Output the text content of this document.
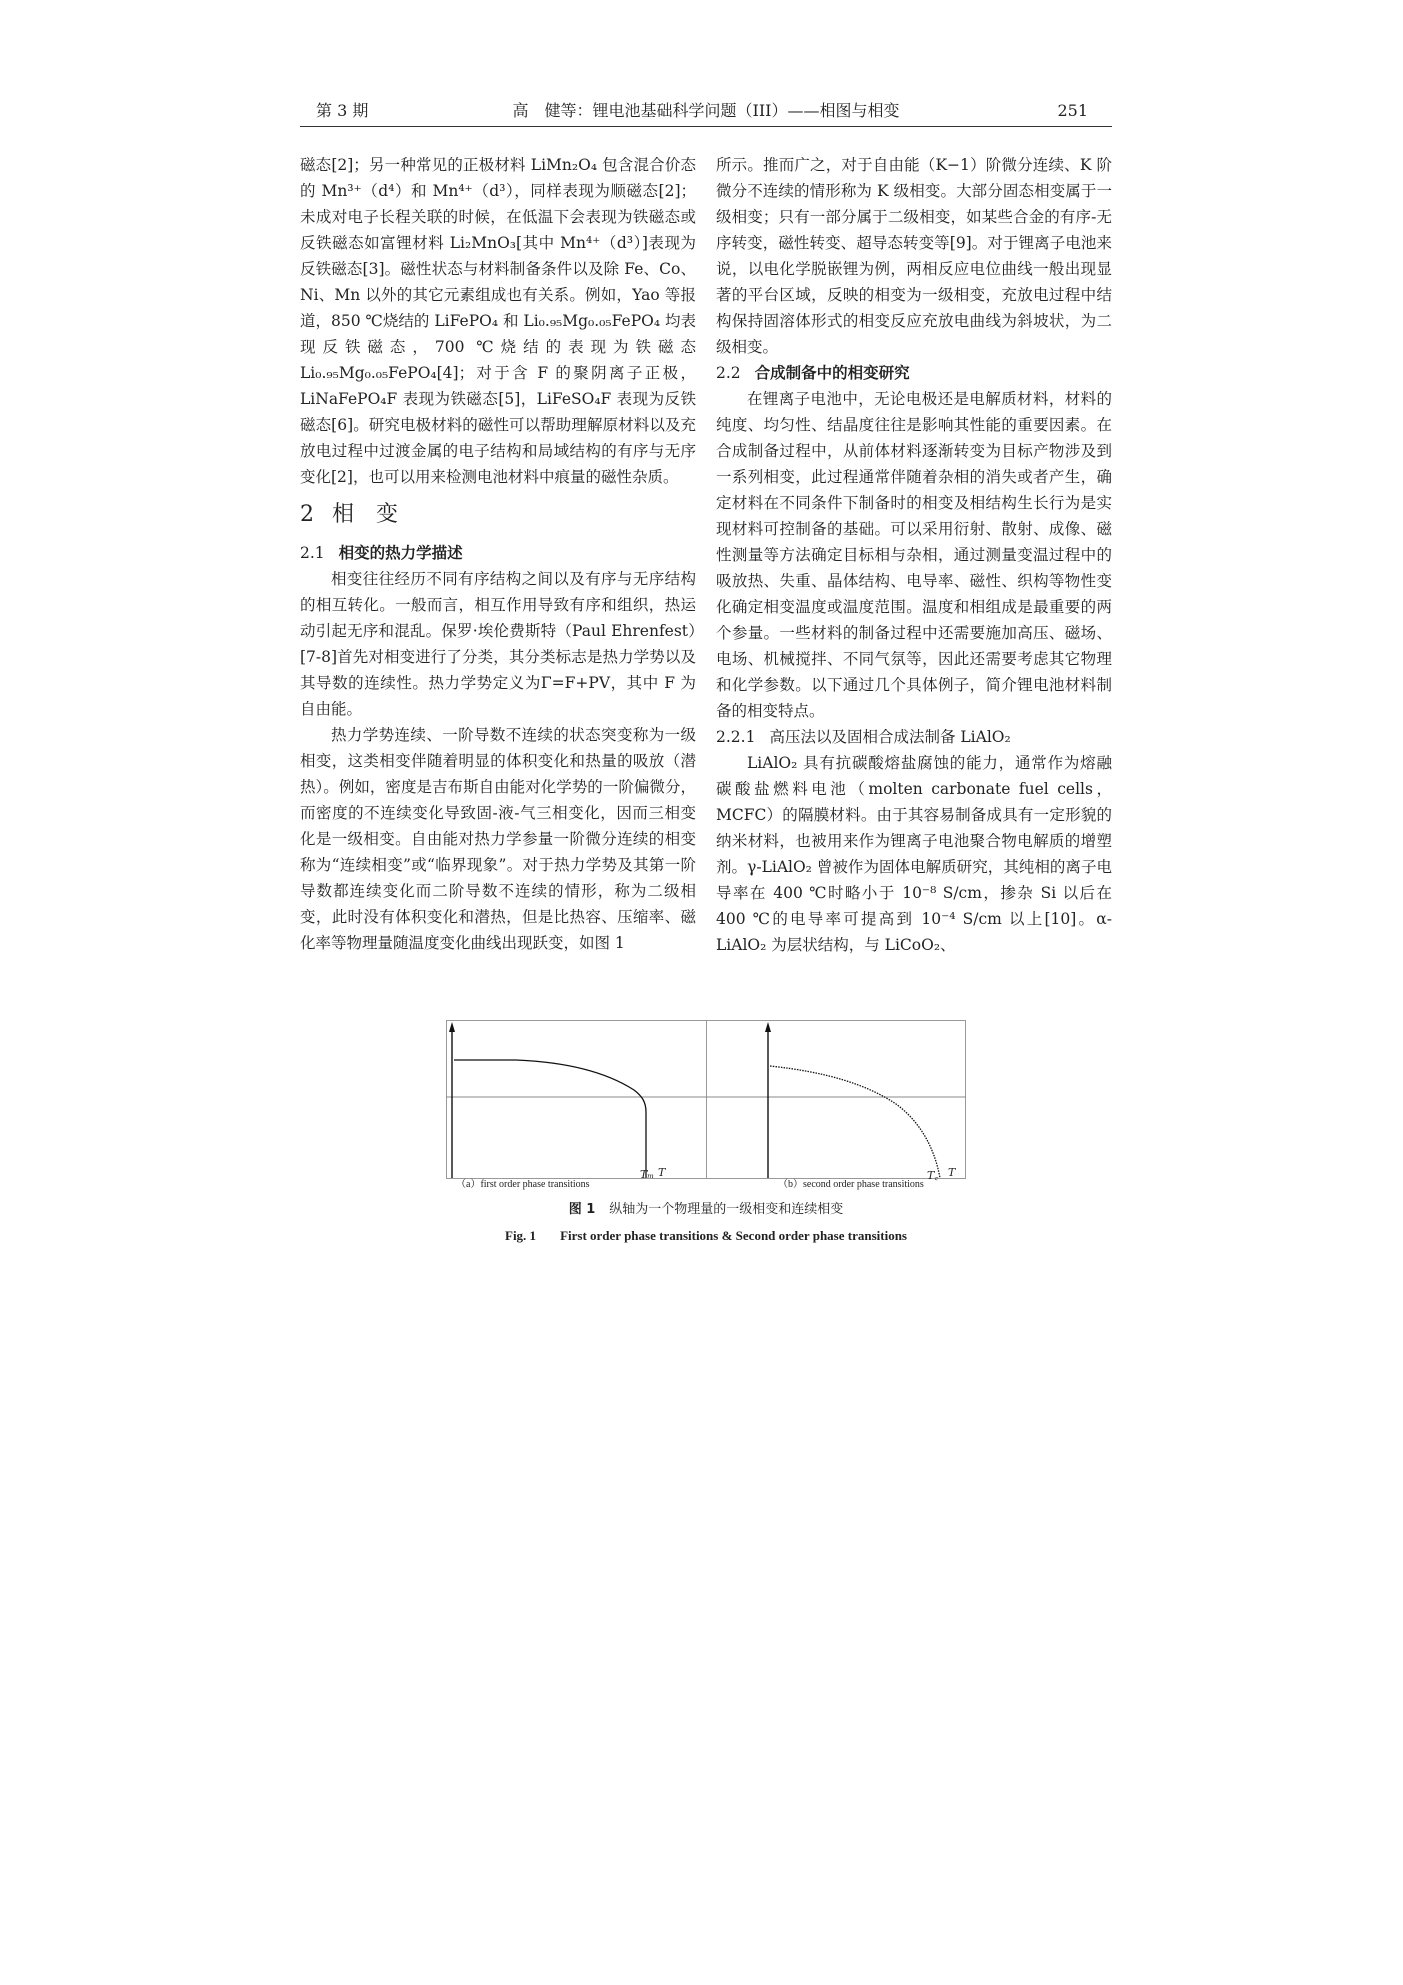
第 3 期	高　健等：锂电池基础科学问题（III）——相图与相变	251

磁态[2]；另一种常见的正极材料 LiMn₂O₄ 包含混合价态的 Mn³⁺（d⁴）和 Mn⁴⁺（d³），同样表现为顺磁态[2]；未成对电子长程关联的时候，在低温下会表现为铁磁态或反铁磁态如富锂材料 Li₂MnO₃[其中 Mn⁴⁺（d³）]表现为反铁磁态[3]。磁性状态与材料制备条件以及除 Fe、Co、Ni、Mn 以外的其它元素组成也有关系。例如，Yao 等报道，850 ℃烧结的 LiFePO₄ 和 Li₀.₉₅Mg₀.₀₅FePO₄ 均表现反铁磁态，700 ℃烧结的表现为铁磁态 Li₀.₉₅Mg₀.₀₅FePO₄[4]；对于含 F 的聚阴离子正极，LiNaFePO₄F 表现为铁磁态[5]，LiFeSO₄F 表现为反铁磁态[6]。研究电极材料的磁性可以帮助理解原材料以及充放电过程中过渡金属的电子结构和局域结构的有序与无序变化[2]，也可以用来检测电池材料中痕量的磁性杂质。

2 相变
2.1 相变的热力学描述

相变往往经历不同有序结构之间以及有序与无序结构的相互转化。一般而言，相互作用导致有序和组织，热运动引起无序和混乱。保罗·埃伦费斯特（Paul Ehrenfest）[7-8]首先对相变进行了分类，其分类标志是热力学势以及其导数的连续性。热力学势定义为Γ=F+PV，其中 F 为自由能。

热力学势连续、一阶导数不连续的状态突变称为一级相变，这类相变伴随着明显的体积变化和热量的吸放（潜热）。例如，密度是吉布斯自由能对化学势的一阶偏微分，而密度的不连续变化导致固-液-气三相变化，因而三相变化是一级相变。自由能对热力学参量一阶微分连续的相变称为“连续相变”或“临界现象”。对于热力学势及其第一阶导数都连续变化而二阶导数不连续的情形，称为二级相变，此时没有体积变化和潜热，但是比热容、压缩率、磁化率等物理量随温度变化曲线出现跃变，如图 1

所示。推而广之，对于自由能（K−1）阶微分连续、K 阶微分不连续的情形称为 K 级相变。大部分固态相变属于一级相变；只有一部分属于二级相变，如某些合金的有序-无序转变，磁性转变、超导态转变等[9]。对于锂离子电池来说，以电化学脱嵌锂为例，两相反应电位曲线一般出现显著的平台区域，反映的相变为一级相变，充放电过程中结构保持固溶体形式的相变反应充放电曲线为斜坡状，为二级相变。

2.2 合成制备中的相变研究

在锂离子电池中，无论电极还是电解质材料，材料的纯度、均匀性、结晶度往往是影响其性能的重要因素。在合成制备过程中，从前体材料逐渐转变为目标产物涉及到一系列相变，此过程通常伴随着杂相的消失或者产生，确定材料在不同条件下制备时的相变及相结构生长行为是实现材料可控制备的基础。可以采用衍射、散射、成像、磁性测量等方法确定目标相与杂相，通过测量变温过程中的吸放热、失重、晶体结构、电导率、磁性、织构等物性变化确定相变温度或温度范围。温度和相组成是最重要的两个参量。一些材料的制备过程中还需要施加高压、磁场、电场、机械搅拌、不同气氛等，因此还需要考虑其它物理和化学参数。以下通过几个具体例子，简介锂电池材料制备的相变特点。

2.2.1 高压法以及固相合成法制备 LiAlO₂

LiAlO₂ 具有抗碳酸熔盐腐蚀的能力，通常作为熔融碳酸盐燃料电池（molten carbonate fuel cells，MCFC）的隔膜材料。由于其容易制备成具有一定形貌的纳米材料，也被用来作为锂离子电池聚合物电解质的增塑剂。γ-LiAlO₂ 曾被作为固体电解质研究，其纯相的离子电导率在 400 ℃时略小于 10⁻⁸ S/cm，掺杂 Si 以后在 400 ℃的电导率可提高到 10⁻⁴ S/cm 以上[10]。α-LiAlO₂ 为层状结构，与 LiCoO₂、

Tₘ T	T꜀ T
（a）first order phase transitions	（b）second order phase transitions
图 1 纵轴为一个物理量的一级相变和连续相变
Fig. 1 First order phase transitions & Second order phase transitions
